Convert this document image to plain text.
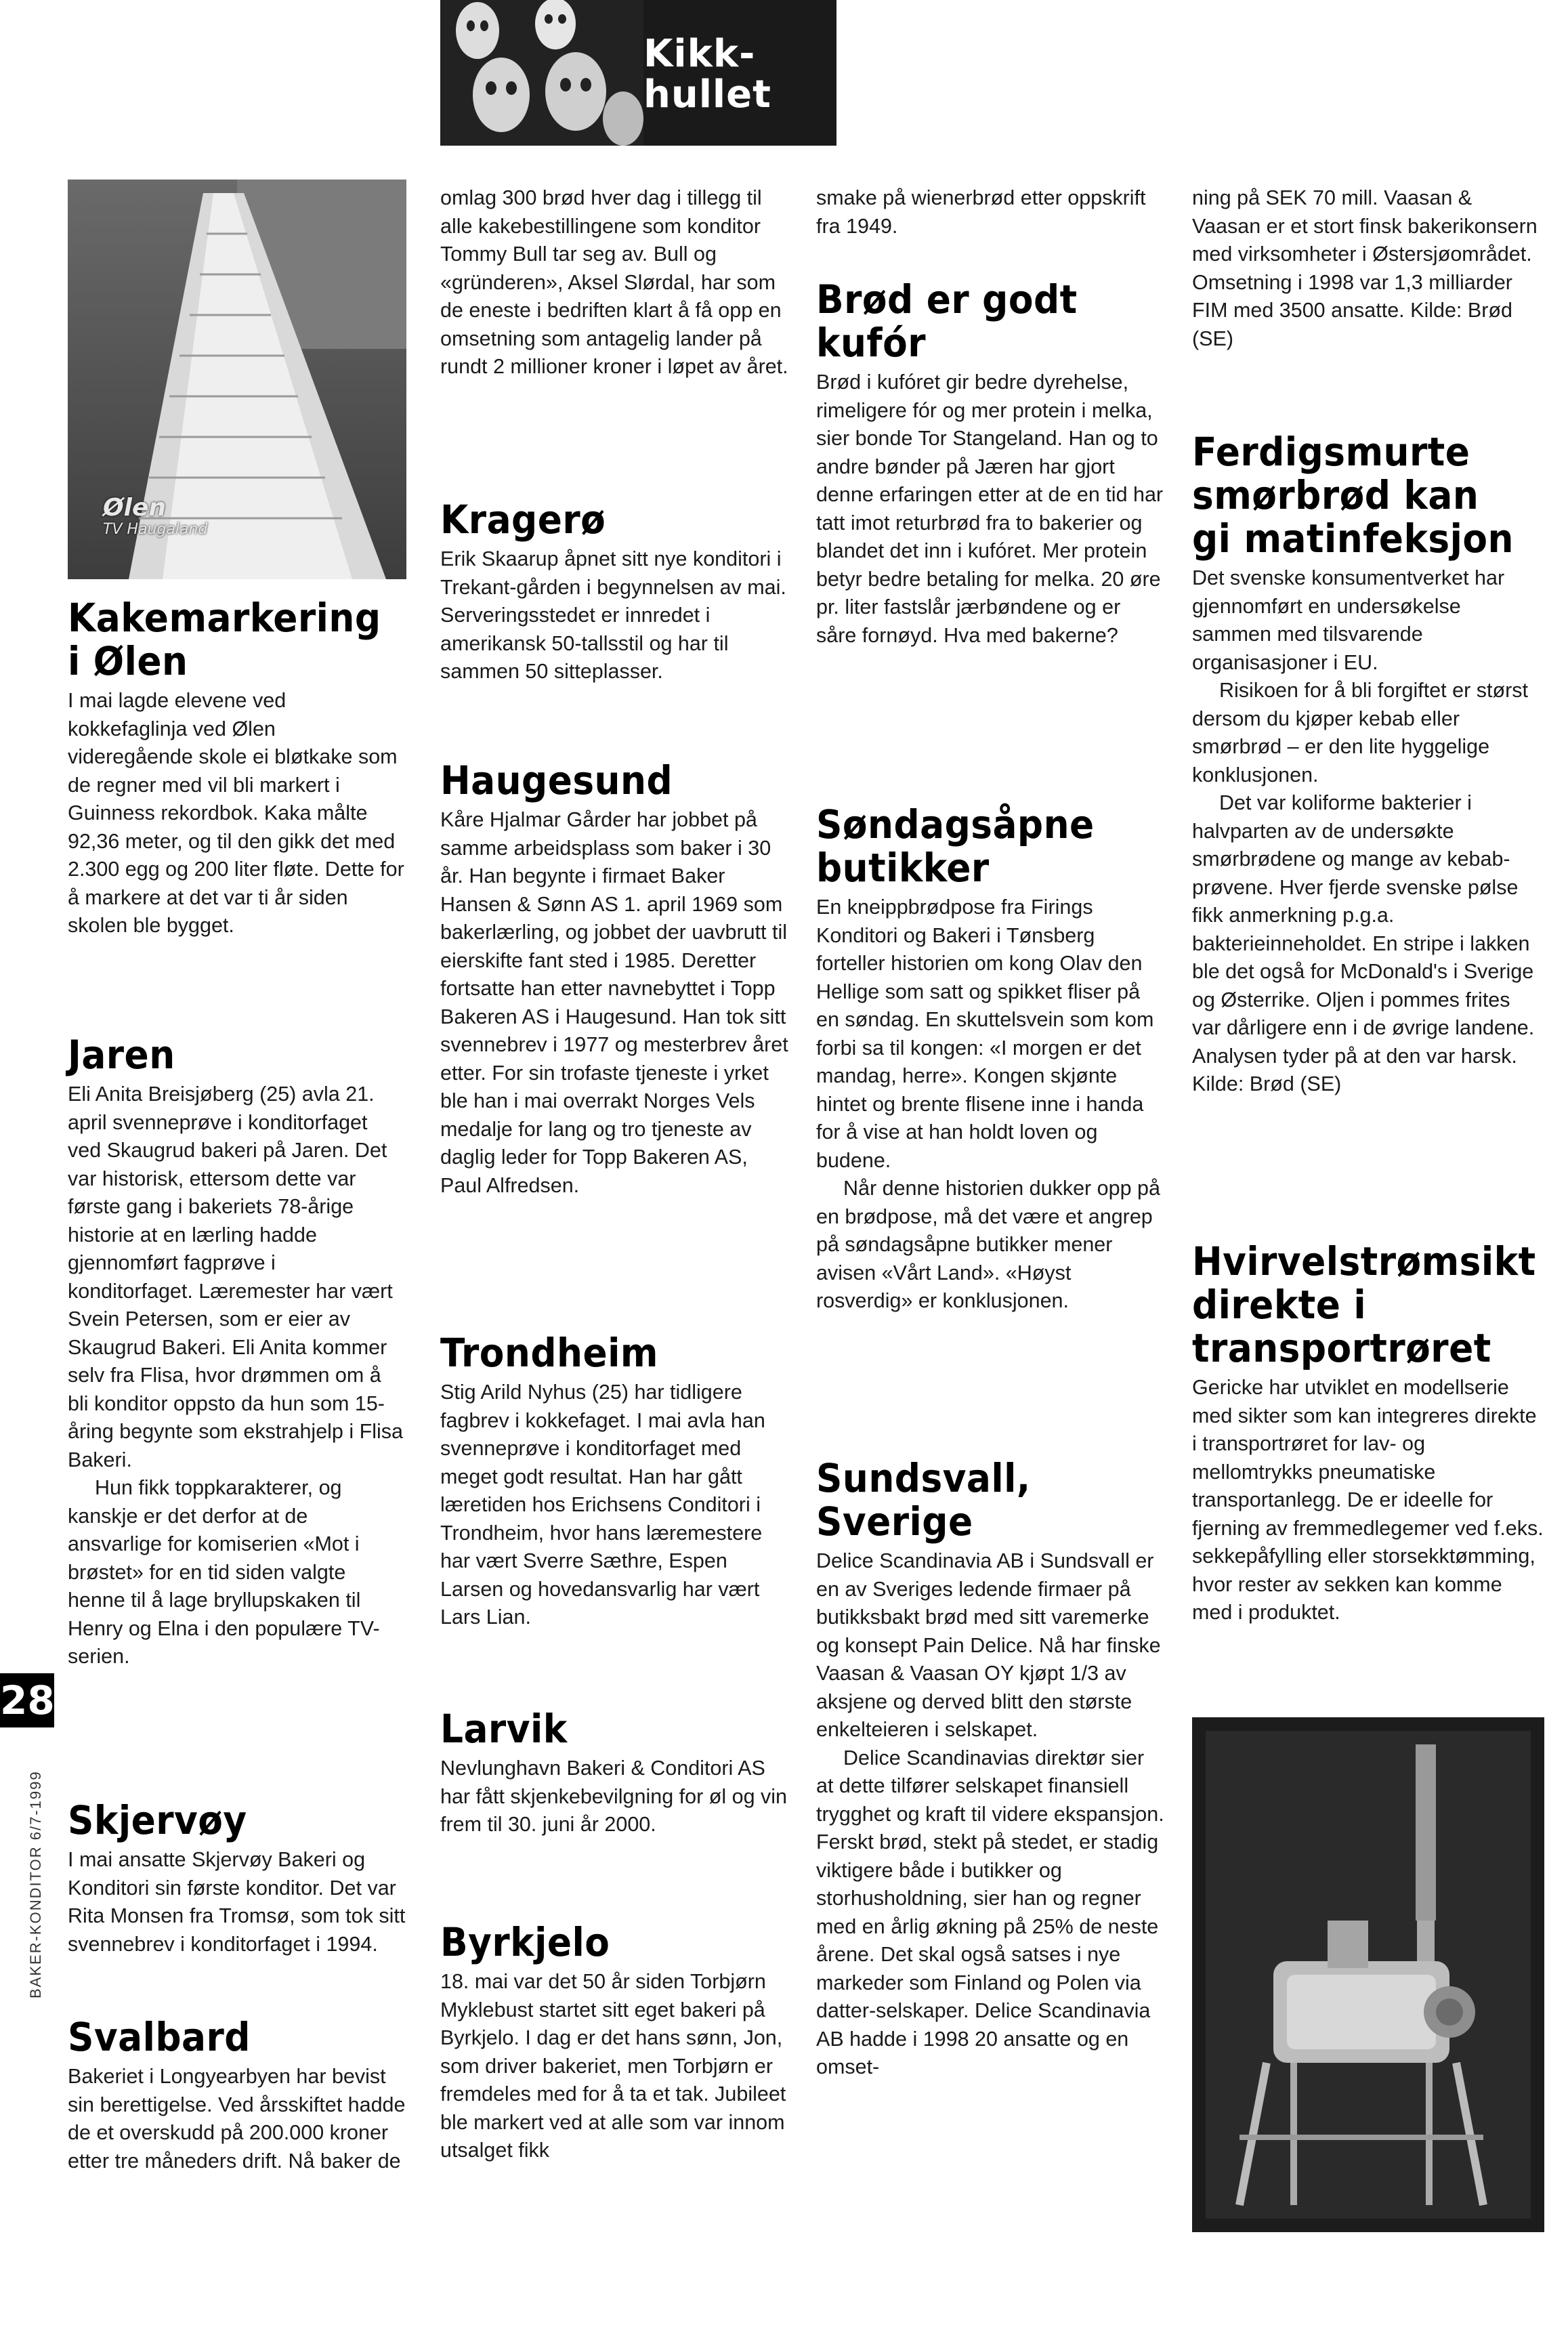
Kikk-
hullet
Ølen
TV Haugaland
Kakemarkering i Ølen

I mai lagde elevene ved kokkefaglinja ved Ølen videregående skole ei bløtkake som de regner med vil bli markert i Guinness rekordbok. Kaka målte 92,36 meter, og til den gikk det med 2.300 egg og 200 liter fløte. Dette for å markere at det var ti år siden skolen ble bygget.

Jaren

Eli Anita Breisjøberg (25) avla 21. april svenneprøve i konditorfaget ved Skaugrud bakeri på Jaren. Det var historisk, ettersom dette var første gang i bakeriets 78-årige historie at en lærling hadde gjennomført fagprøve i konditorfaget. Læremester har vært Svein Petersen, som er eier av Skaugrud Bakeri. Eli Anita kommer selv fra Flisa, hvor drømmen om å bli konditor oppsto da hun som 15-åring begynte som ekstrahjelp i Flisa Bakeri.

Hun fikk toppkarakterer, og kanskje er det derfor at de ansvarlige for komiserien «Mot i brøstet» for en tid siden valgte henne til å lage bryllupskaken til Henry og Elna i den populære TV-serien.

Skjervøy

I mai ansatte Skjervøy Bakeri og Konditori sin første konditor. Det var Rita Monsen fra Tromsø, som tok sitt svennebrev i konditorfaget i 1994.

Svalbard

Bakeriet i Longyearbyen har bevist sin berettigelse. Ved årsskiftet hadde de et overskudd på 200.000 kroner etter tre måneders drift. Nå baker de

omlag 300 brød hver dag i tillegg til alle kakebestillingene som konditor Tommy Bull tar seg av. Bull og «gründeren», Aksel Slørdal, har som de eneste i bedriften klart å få opp en omsetning som antagelig lander på rundt 2 millioner kroner i løpet av året.

Kragerø

Erik Skaarup åpnet sitt nye konditori i Trekant-gården i begynnelsen av mai. Serveringsstedet er innredet i amerikansk 50-tallsstil og har til sammen 50 sitteplasser.

Haugesund

Kåre Hjalmar Gårder har jobbet på samme arbeidsplass som baker i 30 år. Han begynte i firmaet Baker Hansen & Sønn AS 1. april 1969 som bakerlærling, og jobbet der uavbrutt til eierskifte fant sted i 1985. Deretter fortsatte han etter navnebyttet i Topp Bakeren AS i Haugesund. Han tok sitt svennebrev i 1977 og mesterbrev året etter. For sin trofaste tjeneste i yrket ble han i mai overrakt Norges Vels medalje for lang og tro tjeneste av daglig leder for Topp Bakeren AS, Paul Alfredsen.

Trondheim

Stig Arild Nyhus (25) har tidligere fagbrev i kokkefaget. I mai avla han svenneprøve i konditorfaget med meget godt resultat. Han har gått læretiden hos Erichsens Conditori i Trondheim, hvor hans læremestere har vært Sverre Sæthre, Espen Larsen og hovedansvarlig har vært Lars Lian.

Larvik

Nevlunghavn Bakeri & Conditori AS har fått skjenkebevilgning for øl og vin frem til 30. juni år 2000.

Byrkjelo

18. mai var det 50 år siden Torbjørn Myklebust startet sitt eget bakeri på Byrkjelo. I dag er det hans sønn, Jon, som driver bakeriet, men Torbjørn er fremdeles med for å ta et tak. Jubileet ble markert ved at alle som var innom utsalget fikk

smake på wienerbrød etter oppskrift fra 1949.

Brød er godt kufór

Brød i kufóret gir bedre dyrehelse, rimeligere fór og mer protein i melka, sier bonde Tor Stangeland. Han og to andre bønder på Jæren har gjort denne erfaringen etter at de en tid har tatt imot returbrød fra to bakerier og blandet det inn i kufóret. Mer protein betyr bedre betaling for melka. 20 øre pr. liter fastslår jærbøndene og er såre fornøyd. Hva med bakerne?

Søndagsåpne butikker

En kneippbrødpose fra Firings Konditori og Bakeri i Tønsberg forteller historien om kong Olav den Hellige som satt og spikket fliser på en søndag. En skuttelsvein som kom forbi sa til kongen: «I morgen er det mandag, herre». Kongen skjønte hintet og brente flisene inne i handa for å vise at han holdt loven og budene.

Når denne historien dukker opp på en brødpose, må det være et angrep på søndagsåpne butikker mener avisen «Vårt Land». «Høyst rosverdig» er konklusjonen.

Sundsvall, Sverige

Delice Scandinavia AB i Sundsvall er en av Sveriges ledende firmaer på butikksbakt brød med sitt varemerke og konsept Pain Delice. Nå har finske Vaasan & Vaasan OY kjøpt 1/3 av aksjene og derved blitt den største enkelteieren i selskapet.

Delice Scandinavias direktør sier at dette tilfører selskapet finansiell trygghet og kraft til videre ekspansjon. Ferskt brød, stekt på stedet, er stadig viktigere både i butikker og storhusholdning, sier han og regner med en årlig økning på 25% de neste årene. Det skal også satses i nye markeder som Finland og Polen via datter-selskaper. Delice Scandinavia AB hadde i 1998 20 ansatte og en omset-

ning på SEK 70 mill. Vaasan & Vaasan er et stort finsk bakerikonsern med virksomheter i Østersjøområdet. Omsetning i 1998 var 1,3 milliarder FIM med 3500 ansatte. Kilde: Brød (SE)

Ferdigsmurte smørbrød kan gi matinfeksjon

Det svenske konsumentverket har gjennomført en undersøkelse sammen med tilsvarende organisasjoner i EU.

Risikoen for å bli forgiftet er størst dersom du kjøper kebab eller smørbrød – er den lite hyggelige konklusjonen.

Det var koliforme bakterier i halvparten av de undersøkte smørbrødene og mange av kebab-prøvene. Hver fjerde svenske pølse fikk anmerkning p.g.a. bakterieinneholdet. En stripe i lakken ble det også for McDonald's i Sverige og Østerrike. Oljen i pommes frites var dårligere enn i de øvrige landene. Analysen tyder på at den var harsk. Kilde: Brød (SE)

Hvirvelstrømsikt direkte i transportrøret

Gericke har utviklet en modellserie med sikter som kan integreres direkte i transportrøret for lav- og mellomtrykks pneumatiske transportanlegg. De er ideelle for fjerning av fremmedlegemer ved f.eks. sekkepåfylling eller storsekktømming, hvor rester av sekken kan komme med i produktet.

28
BAKER-KONDITOR 6/7-1999
